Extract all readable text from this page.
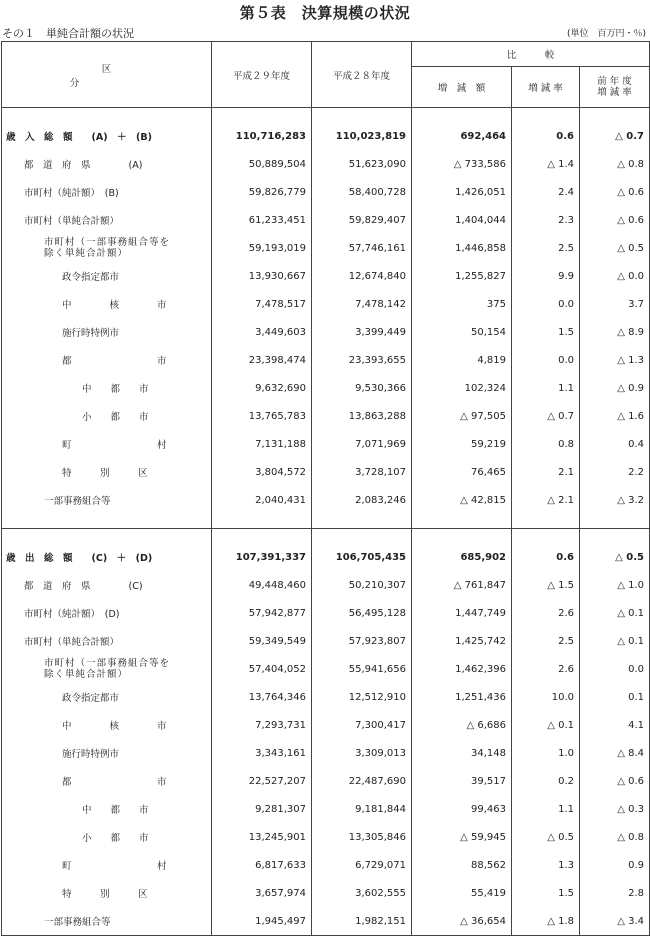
第５表　決算規模の状況
その１　単純合計額の状況	(単位　百万円・％)
区分	平成２９年度	平成２８年度	比　　　較		
			増　減　額	増 減 率	前 年 度
増 減 率

歳　入　総　額　　(A)　＋　(B)	110,716,283	110,023,819	692,464	0.6	△ 0.7
都　道　府　県　　　　(A)	50,889,504	51,623,090	△ 733,586	△ 1.4	△ 0.8
市町村（純計額）　(B)	59,826,779	58,400,728	1,426,051	2.4	△ 0.6
市町村（単純合計額）	61,233,451	59,829,407	1,404,044	2.3	△ 0.6

市町村（一部事務組合等を
除く単純合計額）	59,193,019	57,746,161	1,446,858	2.5	△ 0.5
政令指定都市	13,930,667	12,674,840	1,255,827	9.9	△ 0.0
中　　　　核　　　　市	7,478,517	7,478,142	375	0.0	3.7
施行時特例市	3,449,603	3,399,449	50,154	1.5	△ 8.9
都　　　　　　　　　市	23,398,474	23,393,655	4,819	0.0	△ 1.3
中　　都　　市	9,632,690	9,530,366	102,324	1.1	△ 0.9
小　　都　　市	13,765,783	13,863,288	△ 97,505	△ 0.7	△ 1.6
町　　　　　　　　　村	7,131,188	7,071,969	59,219	0.8	0.4
特　　　別　　　区	3,804,572	3,728,107	76,465	2.1	2.2
一部事務組合等	2,040,431	2,083,246	△ 42,815	△ 2.1	△ 3.2

歳　出　総　額　　(C)　＋　(D)	107,391,337	106,705,435	685,902	0.6	△ 0.5
都　道　府　県　　　　(C)	49,448,460	50,210,307	△ 761,847	△ 1.5	△ 1.0
市町村（純計額）　(D)	57,942,877	56,495,128	1,447,749	2.6	△ 0.1
市町村（単純合計額）	59,349,549	57,923,807	1,425,742	2.5	△ 0.1

市町村（一部事務組合等を
除く単純合計額）	57,404,052	55,941,656	1,462,396	2.6	0.0
政令指定都市	13,764,346	12,512,910	1,251,436	10.0	0.1
中　　　　核　　　　市	7,293,731	7,300,417	△ 6,686	△ 0.1	4.1
施行時特例市	3,343,161	3,309,013	34,148	1.0	△ 8.4
都　　　　　　　　　市	22,527,207	22,487,690	39,517	0.2	△ 0.6
中　　都　　市	9,281,307	9,181,844	99,463	1.1	△ 0.3
小　　都　　市	13,245,901	13,305,846	△ 59,945	△ 0.5	△ 0.8
町　　　　　　　　　村	6,817,633	6,729,071	88,562	1.3	0.9
特　　　別　　　区	3,657,974	3,602,555	55,419	1.5	2.8
一部事務組合等	1,945,497	1,982,151	△ 36,654	△ 1.8	△ 3.4
